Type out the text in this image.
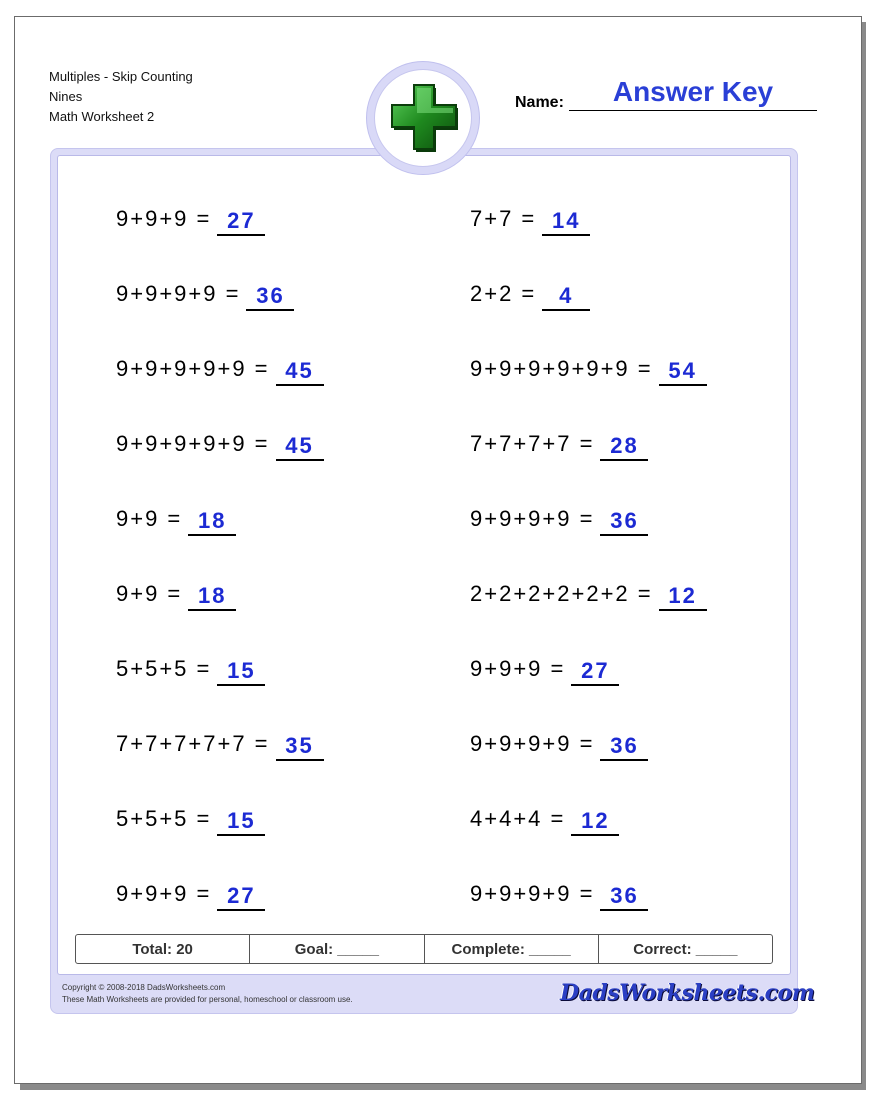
Multiples - Skip Counting
Nines
Math Worksheet 2
Name:	Answer Key
9+9+9 = 27	7+7 = 14
9+9+9+9 = 36	2+2 =	4
9+9+9+9+9 = 45	9+9+9+9+9+9 = 54
9+9+9+9+9 = 45	7+7+7+7 = 28
9+9 = 18	9+9+9+9 = 36
9+9 = 18	2+2+2+2+2+2 = 12
5+5+5 = 15	9+9+9 = 27
7+7+7+7+7 = 35	9+9+9+9 = 36
5+5+5 = 15	4+4+4 = 12
9+9+9 = 27	9+9+9+9 = 36
Total: 20	Goal: _____	Complete: _____	Correct: _____
Copyright © 2008-2018 DadsWorksheets.com
These Math Worksheets are provided for personal, homeschool or classroom use.	DadsWorksheets.com
